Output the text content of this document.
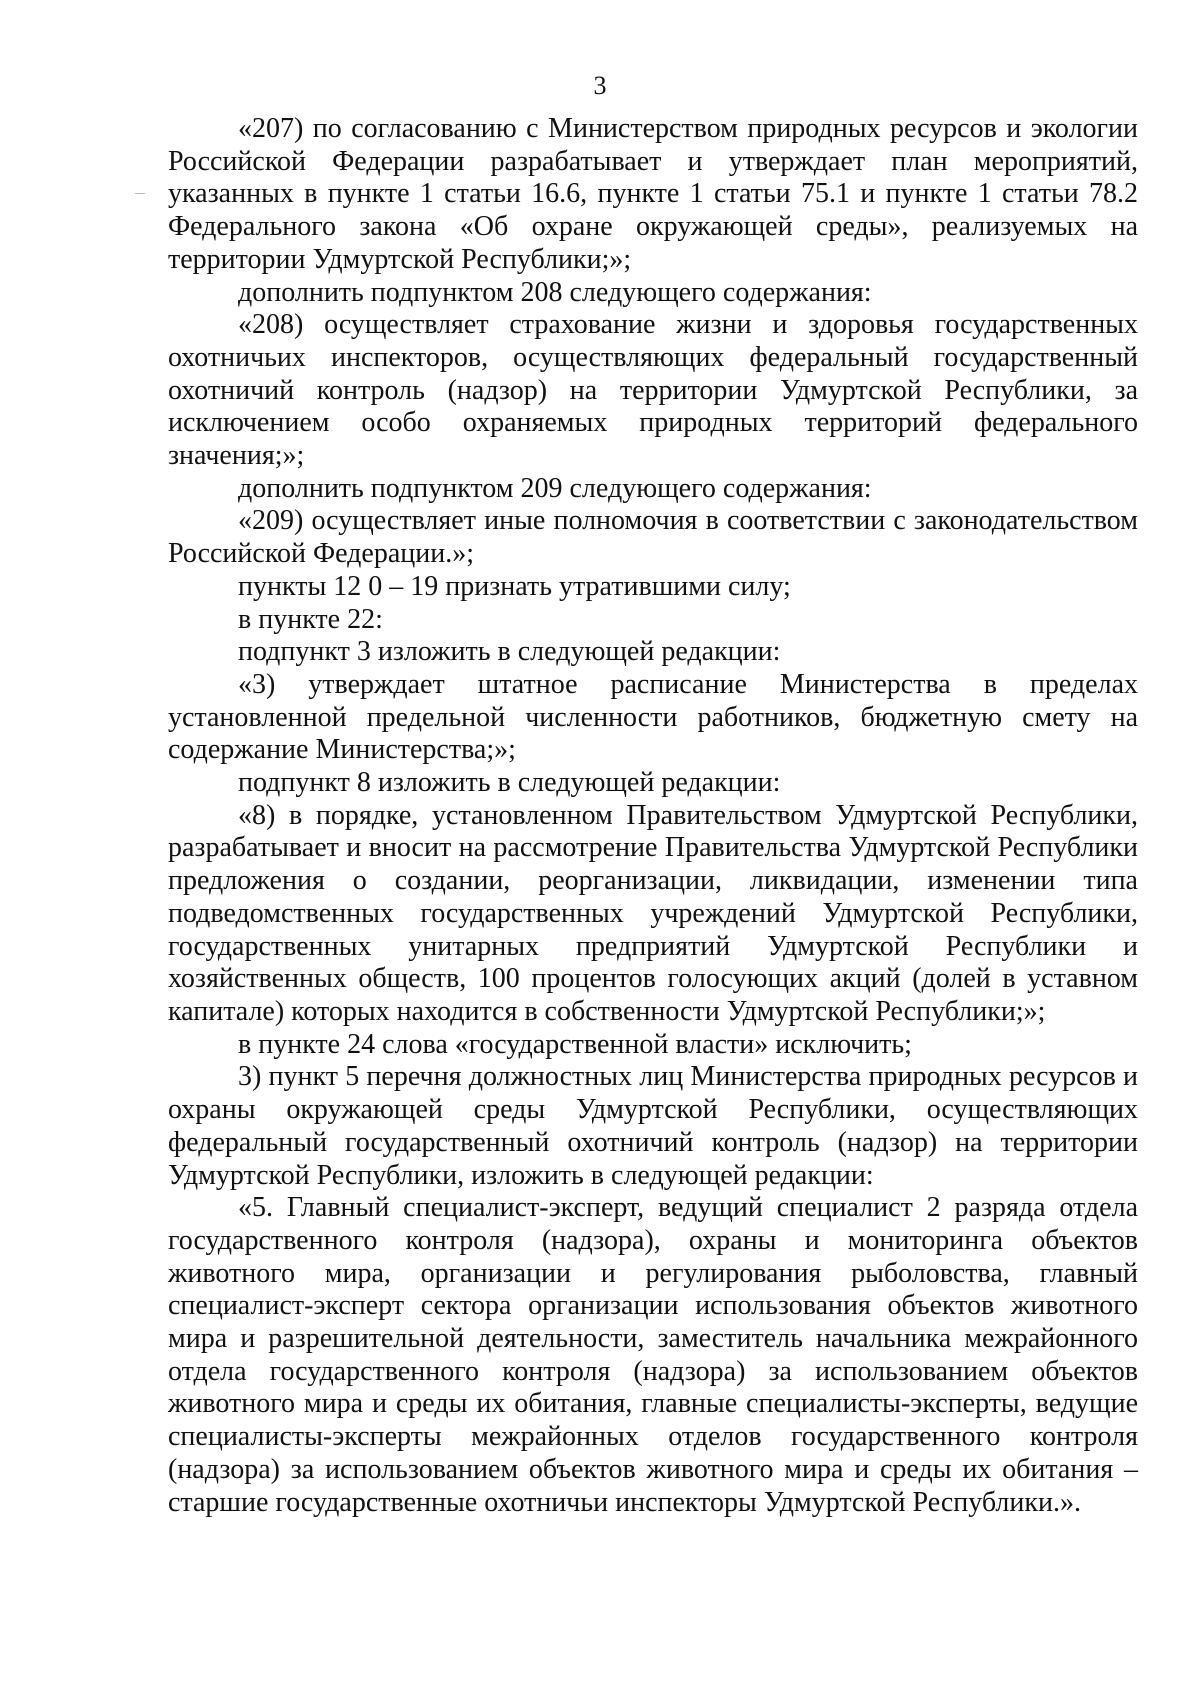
3

«207) по согласованию с Министерством природных ресурсов и экологии Российской Федерации разрабатывает и утверждает план мероприятий, указанных в пункте 1 статьи 16.6, пункте 1 статьи 75.1 и пункте 1 статьи 78.2 Федерального закона «Об охране окружающей среды», реализуемых на территории Удмуртской Республики;»;

дополнить подпунктом 208 следующего содержания:

«208) осуществляет страхование жизни и здоровья государственных охотничьих инспекторов, осуществляющих федеральный государственный охотничий контроль (надзор) на территории Удмуртской Республики, за исключением особо охраняемых природных территорий федерального значения;»;

дополнить подпунктом 209 следующего содержания:

«209) осуществляет иные полномочия в соответствии с законодательством Российской Федерации.»;

пункты 12 0 – 19 признать утратившими силу;

в пункте 22:

подпункт 3 изложить в следующей редакции:

«3) утверждает штатное расписание Министерства в пределах установленной предельной численности работников, бюджетную смету на содержание Министерства;»;

подпункт 8 изложить в следующей редакции:

«8) в порядке, установленном Правительством Удмуртской Республики, разрабатывает и вносит на рассмотрение Правительства Удмуртской Республики предложения о создании, реорганизации, ликвидации, изменении типа подведомственных государственных учреждений Удмуртской Республики, государственных унитарных предприятий Удмуртской Республики и хозяйственных обществ, 100 процентов голосующих акций (долей в уставном капитале) которых находится в собственности Удмуртской Республики;»;

в пункте 24 слова «государственной власти» исключить;

3) пункт 5 перечня должностных лиц Министерства природных ресурсов и охраны окружающей среды Удмуртской Республики, осуществляющих федеральный государственный охотничий контроль (надзор) на территории Удмуртской Республики, изложить в следующей редакции:

«5. Главный специалист-эксперт, ведущий специалист 2 разряда отдела государственного контроля (надзора), охраны и мониторинга объектов животного мира, организации и регулирования рыболовства, главный специалист-эксперт сектора организации использования объектов животного мира и разрешительной деятельности, заместитель начальника межрайонного отдела государственного контроля (надзора) за использованием объектов животного мира и среды их обитания, главные специалисты-эксперты, ведущие специалисты-эксперты межрайонных отделов государственного контроля (надзора) за использованием объектов животного мира и среды их обитания – старшие государственные охотничьи инспекторы Удмуртской Республики.».
